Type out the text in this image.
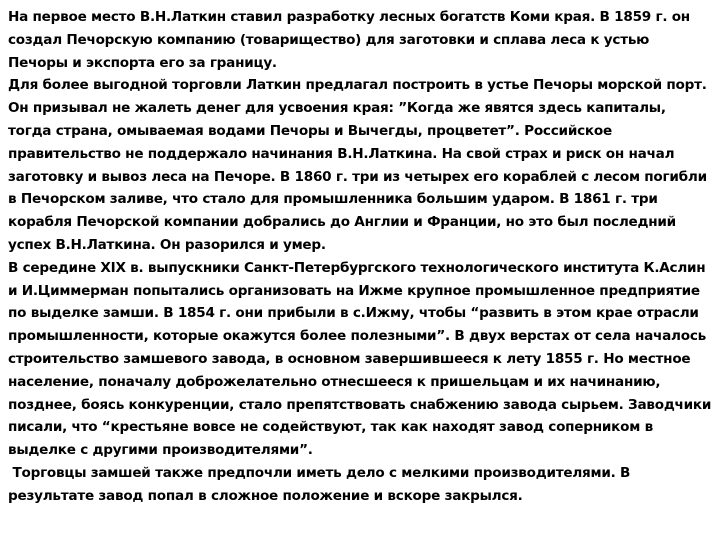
На первое место В.Н.Латкин ставил разработку лесных богатств Коми края. В 1859 г. он создал Печорскую компанию (товарищество) для заготовки и сплава леса к устью Печоры и экспорта его за границу.

Для более выгодной торговли Латкин предлагал построить в устье Печоры морской порт. Он призывал не жалеть денег для усвоения края: ”Когда же явятся здесь капиталы, тогда страна, омываемая водами Печоры и Вычегды, процветет”. Российское правительство не поддержало начинания В.Н.Латкина. На свой страх и риск он начал заготовку и вывоз леса на Печоре. В 1860 г. три из четырех его кораблей с лесом погибли в Печорском заливе, что стало для промышленника большим ударом. В 1861 г. три корабля Печорской компании добрались до Англии и Франции, но это был последний успех В.Н.Латкина. Он разорился и умер.

В середине XIX в. выпускники Санкт-Петербургского технологического института К.Аслин и И.Циммерман попытались организовать на Ижме крупное промышленное предприятие по выделке замши. В 1854 г. они прибыли в с.Ижму, чтобы “развить в этом крае отрасли промышленности, которые окажутся более полезными”. В двух верстах от села началось строительство замшевого завода, в основном завершившееся к лету 1855 г. Но местное население, поначалу доброжелательно отнесшееся к пришельцам и их начинанию, позднее, боясь конкуренции, стало препятствовать снабжению завода сырьем. Заводчики писали, что “крестьяне вовсе не содействуют, так как находят завод соперником в выделке с другими производителями”.

Торговцы замшей также предпочли иметь дело с мелкими производителями. В результате завод попал в сложное положение и вскоре закрылся.
